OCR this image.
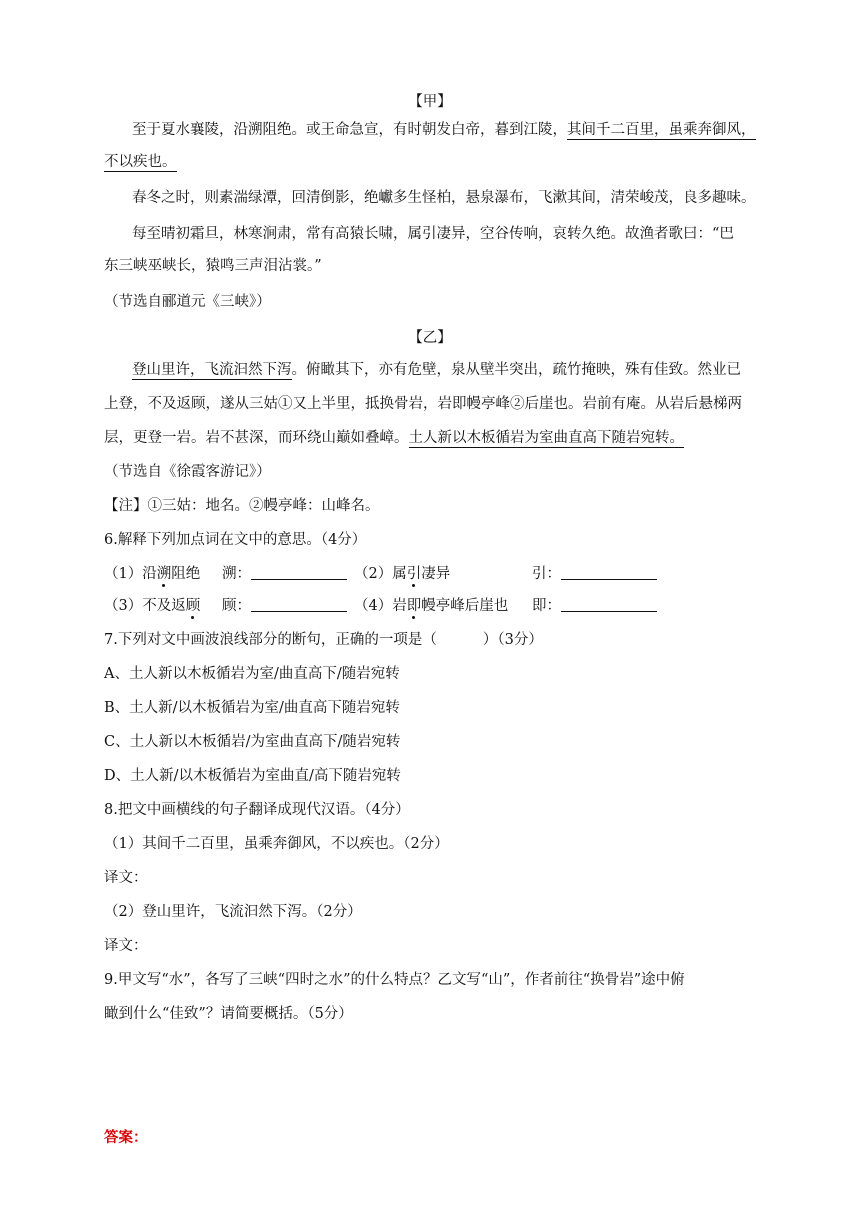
【甲】
至于夏水襄陵，沿溯阻绝。或王命急宣，有时朝发白帝，暮到江陵，其间千二百里，虽乘奔御风，
不以疾也。
春冬之时，则素湍绿潭，回清倒影，绝巘多生怪柏，悬泉瀑布，飞漱其间，清荣峻茂，良多趣味。
每至晴初霜旦，林寒涧肃，常有高猿长啸，属引凄异，空谷传响，哀转久绝。故渔者歌曰：“巴
东三峡巫峡长，猿鸣三声泪沾裳。”
（节选自郦道元《三峡》）
【乙】
登山里许，飞流汩然下泻。俯瞰其下，亦有危壁，泉从壁半突出，疏竹掩映，殊有佳致。然业已
上登，不及返顾，遂从三姑①又上半里，抵换骨岩，岩即幔亭峰②后崖也。岩前有庵。从岩后悬梯两
层，更登一岩。岩不甚深，而环绕山巅如叠嶂。土人新以木板循岩为室曲直高下随岩宛转。
（节选自《徐霞客游记》）
【注】①三姑：地名。②幔亭峰：山峰名。
6.解释下列加点词在文中的意思。（4分）
（1）沿溯阻绝 溯：	（2）属引凄异	引：
（3）不及返顾 顾：	（4）岩即幔亭峰后崖也 即：
7.下列对文中画波浪线部分的断句，正确的一项是（	）（3分）
A、土人新以木板循岩为室/曲直高下/随岩宛转
B、土人新/以木板循岩为室/曲直高下随岩宛转
C、土人新以木板循岩/为室曲直高下/随岩宛转
D、土人新/以木板循岩为室曲直/高下随岩宛转
8.把文中画横线的句子翻译成现代汉语。（4分）
（1）其间千二百里，虽乘奔御风，不以疾也。（2分）
译文：
（2）登山里许，飞流汩然下泻。（2分）
译文：
9.甲文写“水”，各写了三峡“四时之水”的什么特点？乙文写“山”，作者前往“换骨岩”途中俯
瞰到什么“佳致”？请简要概括。（5分）
答案：
